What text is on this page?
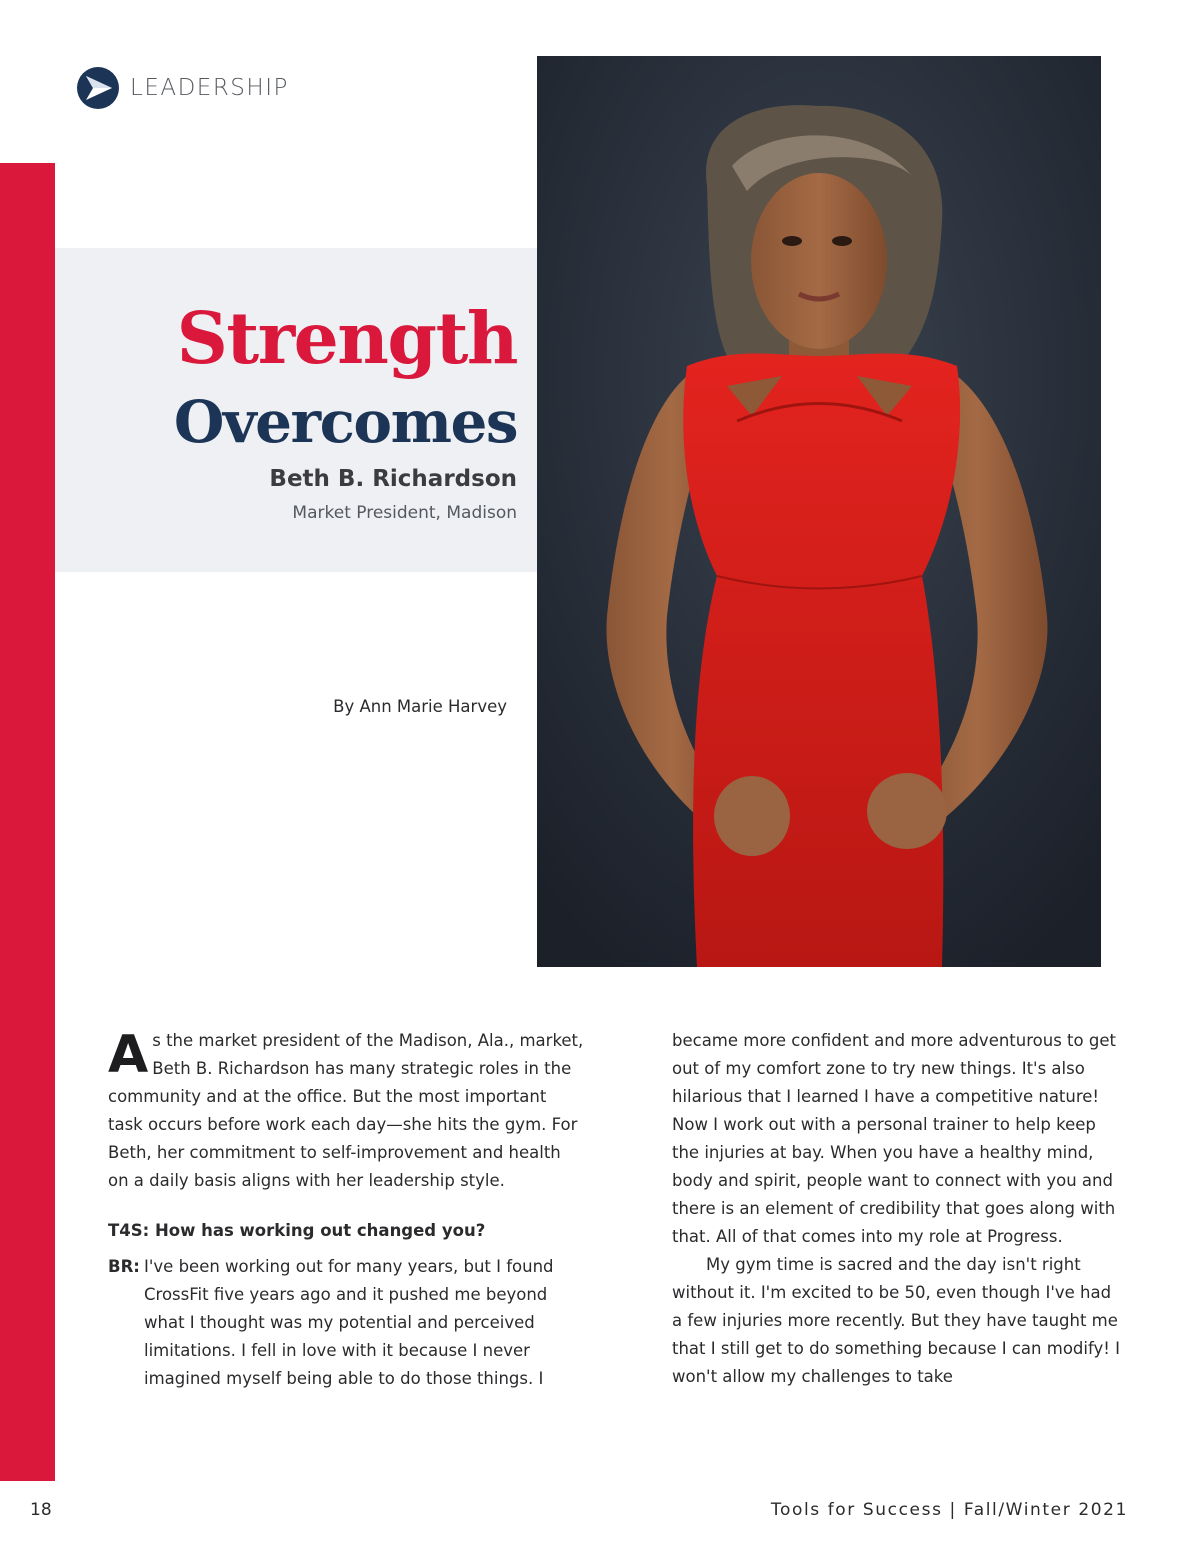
LEADERSHIP
Strength
Overcomes
Beth B. Richardson
Market President, Madison
By Ann Marie Harvey

As the market president of the Madison, Ala., market, Beth B. Richardson has many strategic roles in the community and at the office. But the most important task occurs before work each day—she hits the gym. For Beth, her commitment to self-improvement and health on a daily basis aligns with her leadership style.

T4S: How has working out changed you?

BR: I've been working out for many years, but I found CrossFit five years ago and it pushed me beyond what I thought was my potential and perceived limitations. I fell in love with it because I never imagined myself being able to do those things. I

became more confident and more adventurous to get out of my comfort zone to try new things. It's also hilarious that I learned I have a competitive nature! Now I work out with a personal trainer to help keep the injuries at bay. When you have a healthy mind, body and spirit, people want to connect with you and there is an element of credibility that goes along with that. All of that comes into my role at Progress.

My gym time is sacred and the day isn't right without it. I'm excited to be 50, even though I've had a few injuries more recently. But they have taught me that I still get to do something because I can modify! I won't allow my challenges to take

18	Tools for Success | Fall/Winter 2021
